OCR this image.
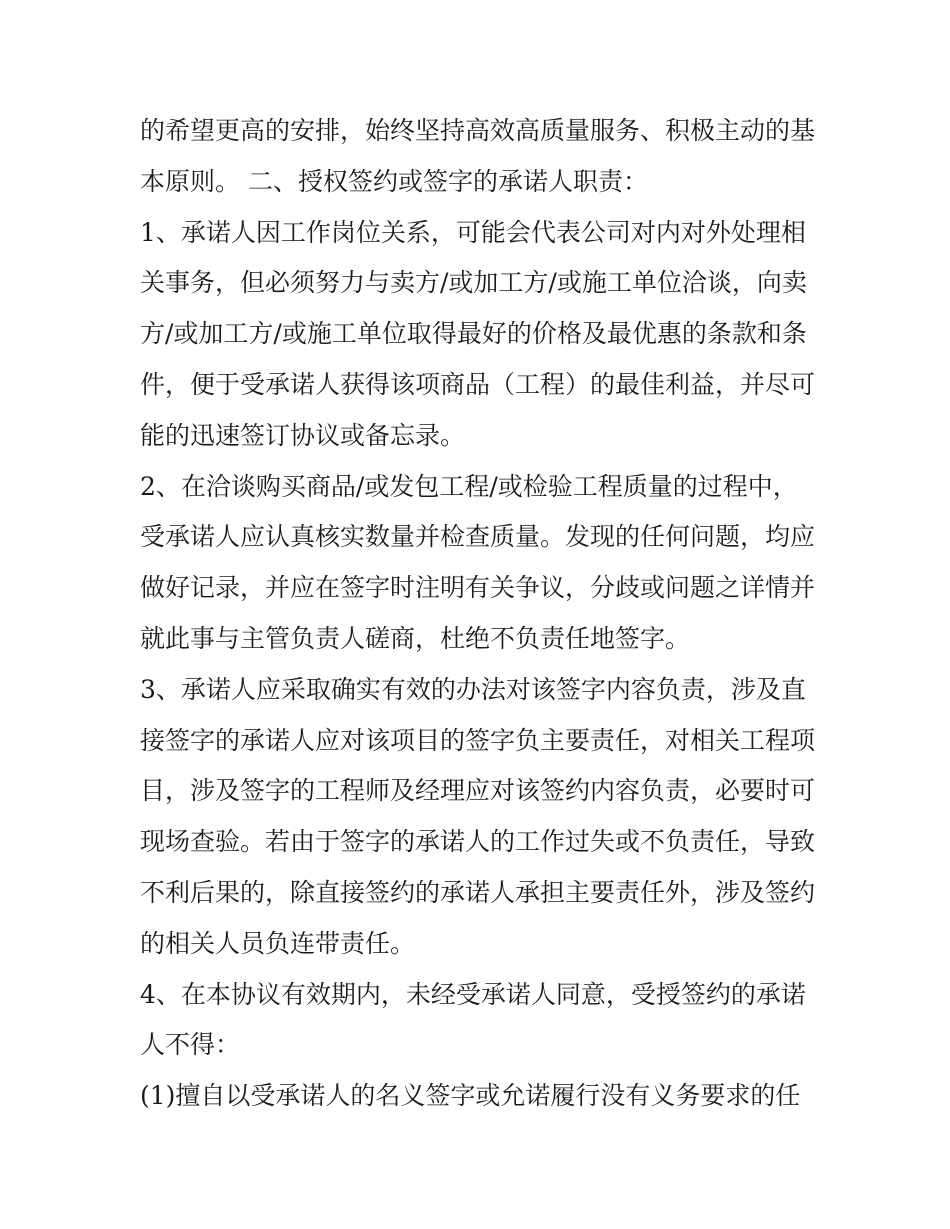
的希望更高的安排，始终坚持高效高质量服务、积极主动的基
本原则。 二、授权签约或签字的承诺人职责：
1、承诺人因工作岗位关系，可能会代表公司对内对外处理相
关事务，但必须努力与卖方/或加工方/或施工单位洽谈，向卖
方/或加工方/或施工单位取得最好的价格及最优惠的条款和条
件，便于受承诺人获得该项商品（工程）的最佳利益，并尽可
能的迅速签订协议或备忘录。
2、在洽谈购买商品/或发包工程/或检验工程质量的过程中，
受承诺人应认真核实数量并检查质量。发现的任何问题，均应
做好记录，并应在签字时注明有关争议，分歧或问题之详情并
就此事与主管负责人磋商，杜绝不负责任地签字。
3、承诺人应采取确实有效的办法对该签字内容负责，涉及直
接签字的承诺人应对该项目的签字负主要责任，对相关工程项
目，涉及签字的工程师及经理应对该签约内容负责，必要时可
现场查验。若由于签字的承诺人的工作过失或不负责任，导致
不利后果的，除直接签约的承诺人承担主要责任外，涉及签约
的相关人员负连带责任。
4、在本协议有效期内，未经受承诺人同意，受授签约的承诺
人不得：
(1)擅自以受承诺人的名义签字或允诺履行没有义务要求的任
